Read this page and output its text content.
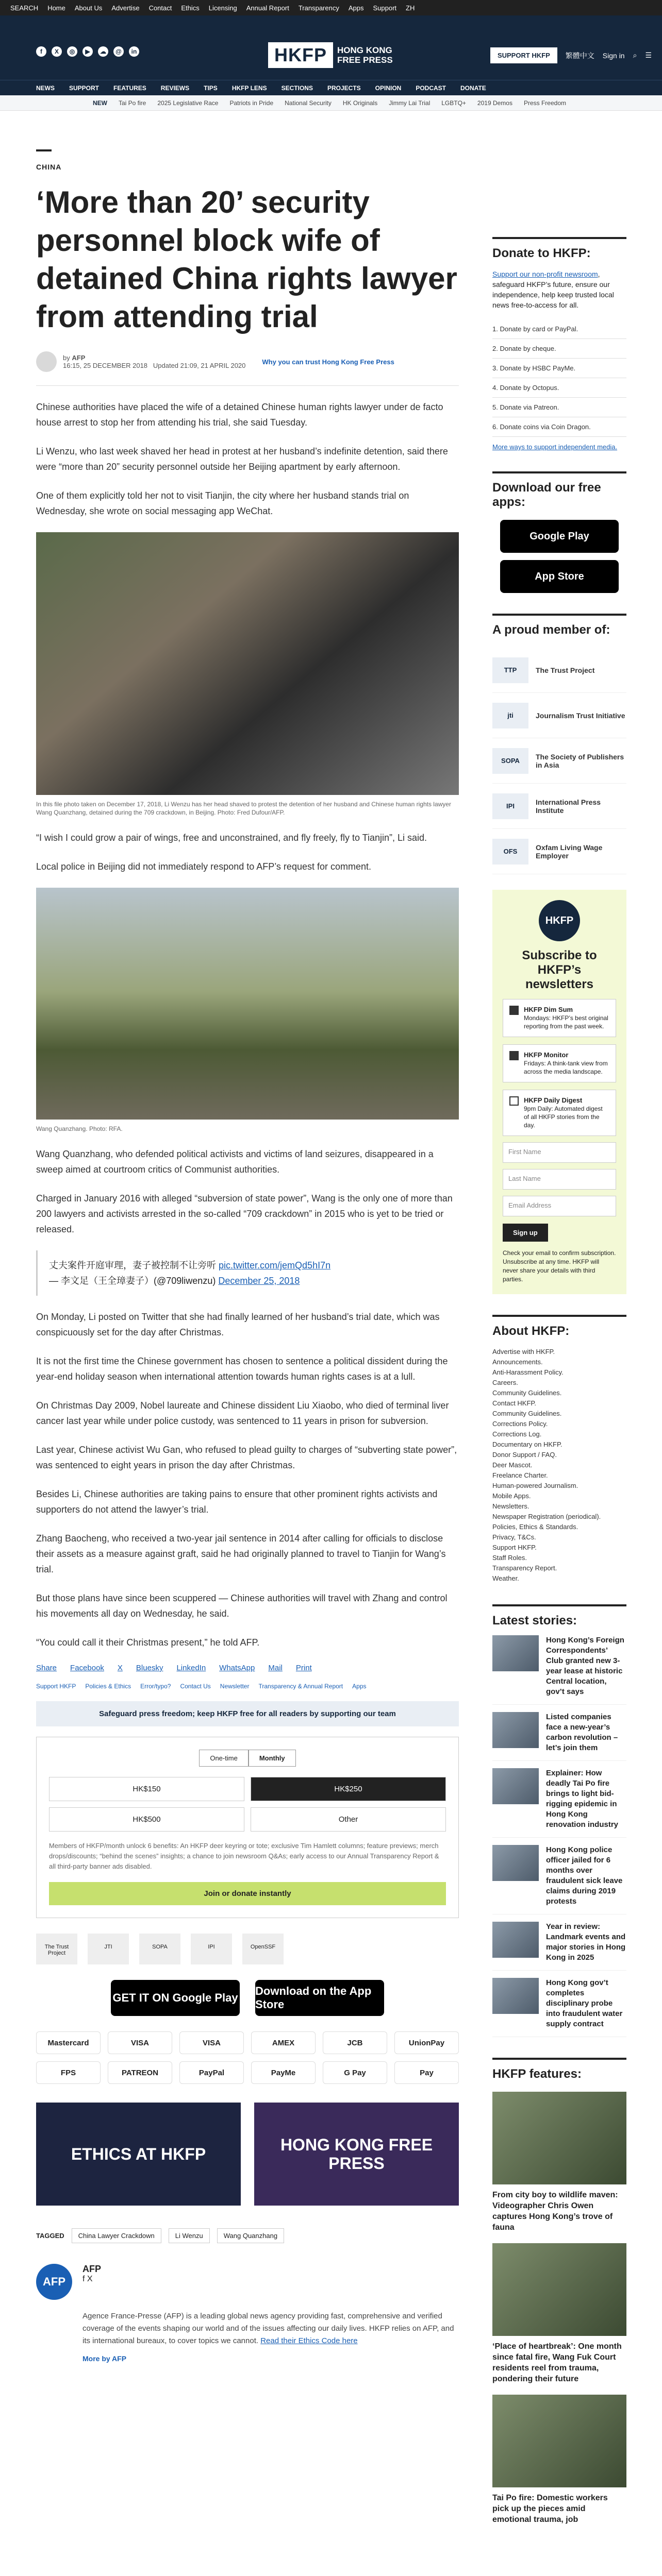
SEARCH Home About Us Advertise Contact Ethics Licensing Annual Report Transparency Apps Support ZH
f	X	◎	▶	☁	@	in	HKFP	HONG KONG
FREE PRESS	SUPPORT HKFP	繁體中文 Sign in ⌕ ☰
NEWS SUPPORT FEATURES REVIEWS TIPS HKFP LENS SECTIONS PROJECTS OPINION PODCAST DONATE
NEW Tai Po fire 2025 Legislative Race Patriots in Pride National Security HK Originals Jimmy Lai Trial LGBTQ+ 2019 Demos Press Freedom
CHINA
‘More than 20’ security personnel block wife of detained China rights lawyer from attending trial
by AFP
16:15, 25 DECEMBER 2018 Updated 21:09, 21 APRIL 2020 Why you can trust Hong Kong Free Press

Chinese authorities have placed the wife of a detained Chinese human rights lawyer under de facto house arrest to stop her from attending his trial, she said Tuesday.

Li Wenzu, who last week shaved her head in protest at her husband’s indefinite detention, said there were “more than 20” security personnel outside her Beijing apartment by early afternoon.

One of them explicitly told her not to visit Tianjin, the city where her husband stands trial on Wednesday, she wrote on social messaging app WeChat.

In this file photo taken on December 17, 2018, Li Wenzu has her head shaved to protest the detention of her husband and Chinese human rights lawyer Wang Quanzhang, detained during the 709 crackdown, in Beijing. Photo: Fred Dufour/AFP.

“I wish I could grow a pair of wings, free and unconstrained, and fly freely, fly to Tianjin”, Li said.

Local police in Beijing did not immediately respond to AFP’s request for comment.

Wang Quanzhang. Photo: RFA.

Wang Quanzhang, who defended political activists and victims of land seizures, disappeared in a sweep aimed at courtroom critics of Communist authorities.

Charged in January 2016 with alleged “subversion of state power”, Wang is the only one of more than 200 lawyers and activists arrested in the so-called “709 crackdown” in 2015 who is yet to be tried or released.

丈夫案件开庭审理，妻子被控制不让旁听 pic.twitter.com/jemQd5hI7n
— 李文足（王全璋妻子）(@709liwenzu) December 25, 2018

On Monday, Li posted on Twitter that she had finally learned of her husband’s trial date, which was conspicuously set for the day after Christmas.

It is not the first time the Chinese government has chosen to sentence a political dissident during the year-end holiday season when international attention towards human rights cases is at a lull.

On Christmas Day 2009, Nobel laureate and Chinese dissident Liu Xiaobo, who died of terminal liver cancer last year while under police custody, was sentenced to 11 years in prison for subversion.

Last year, Chinese activist Wu Gan, who refused to plead guilty to charges of “subverting state power”, was sentenced to eight years in prison the day after Christmas.

Besides Li, Chinese authorities are taking pains to ensure that other prominent rights activists and supporters do not attend the lawyer’s trial.

Zhang Baocheng, who received a two-year jail sentence in 2014 after calling for officials to disclose their assets as a measure against graft, said he had originally planned to travel to Tianjin for Wang’s trial.

But those plans have since been scuppered — Chinese authorities will travel with Zhang and control his movements all day on Wednesday, he said.

“You could call it their Christmas present,” he told AFP.

Share Facebook X Bluesky LinkedIn WhatsApp Mail Print
Support HKFP Policies & Ethics Error/typo? Contact Us Newsletter Transparency & Annual Report Apps
Safeguard press freedom; keep HKFP free for all readers by supporting our team
One-time	Monthly
HK$150	HK$250
HK$500	Other
Members of HKFP/month unlock 6 benefits: An HKFP deer keyring or tote; exclusive Tim Hamlett columns; feature previews; merch drops/discounts; “behind the scenes” insights; a chance to join newsroom Q&As; early access to our Annual Transparency Report & all third-party banner ads disabled.
Join or donate instantly
The Trust Project
JTI	SOPA	IPI	OpenSSF
GET IT ON Google Play
Download on the App Store
Mastercard	VISA	VISA	AMEX	JCB	UnionPay
FPS	PATREON	PayPal	PayMe	G Pay	Pay
ETHICS AT HKFP	HONG KONG FREE PRESS
TAGGED	China Lawyer Crackdown	Li Wenzu	Wang Quanzhang
AFP
AFP
f X
Agence France-Presse (AFP) is a leading global news agency providing fast, comprehensive and verified coverage of the events shaping our world and of the issues affecting our daily lives. HKFP relies on AFP, and its international bureaux, to cover topics we cannot. Read their Ethics Code here
More by AFP
Donate to HKFP:
Support our non-profit newsroom, safeguard HKFP’s future, ensure our independence, help keep trusted local news free-to-access for all.
1. Donate by card or PayPal.
2. Donate by cheque.
3. Donate by HSBC PayMe.
4. Donate by Octopus.
5. Donate via Patreon.
6. Donate coins via Coin Dragon.
More ways to support independent media.
Download our free apps:
Google Play
App Store
A proud member of:
TTP	The Trust Project
jti	Journalism Trust Initiative
SOPA	The Society of Publishers in Asia
IPI	International Press Institute
OFS	Oxfam Living Wage Employer
HKFP
Subscribe to HKFP’s newsletters
HKFP Dim Sum
Mondays: HKFP’s best original reporting from the past week.
HKFP Monitor
Fridays: A think-tank view from across the media landscape.
HKFP Daily Digest
9pm Daily: Automated digest of all HKFP stories from the day.
First Name
Last Name
Email Address
Sign up
Check your email to confirm subscription. Unsubscribe at any time. HKFP will never share your details with third parties.
About HKFP:
Advertise with HKFP.
Announcements.
Anti-Harassment Policy.
Careers.
Community Guidelines.
Contact HKFP.
Community Guidelines.
Corrections Policy.
Corrections Log.
Documentary on HKFP.
Donor Support / FAQ.
Deer Mascot.
Freelance Charter.
Human-powered Journalism.
Mobile Apps.
Newsletters.
Newspaper Registration (periodical).
Policies, Ethics & Standards.
Privacy, T&Cs.
Support HKFP.
Staff Roles.
Transparency Report.
Weather.
Latest stories:
Hong Kong’s Foreign Correspondents’ Club granted new 3-year lease at historic Central location, gov’t says
Listed companies face a new-year’s carbon revolution – let’s join them
Explainer: How deadly Tai Po fire brings to light bid-rigging epidemic in Hong Kong renovation industry
Hong Kong police officer jailed for 6 months over fraudulent sick leave claims during 2019 protests
Year in review: Landmark events and major stories in Hong Kong in 2025
Hong Kong gov’t completes disciplinary probe into fraudulent water supply contract
HKFP features:
From city boy to wildlife maven: Videographer Chris Owen captures Hong Kong’s trove of fauna
‘Place of heartbreak’: One month since fatal fire, Wang Fuk Court residents reel from trauma, pondering their future
Tai Po fire: Domestic workers pick up the pieces amid emotional trauma, job
